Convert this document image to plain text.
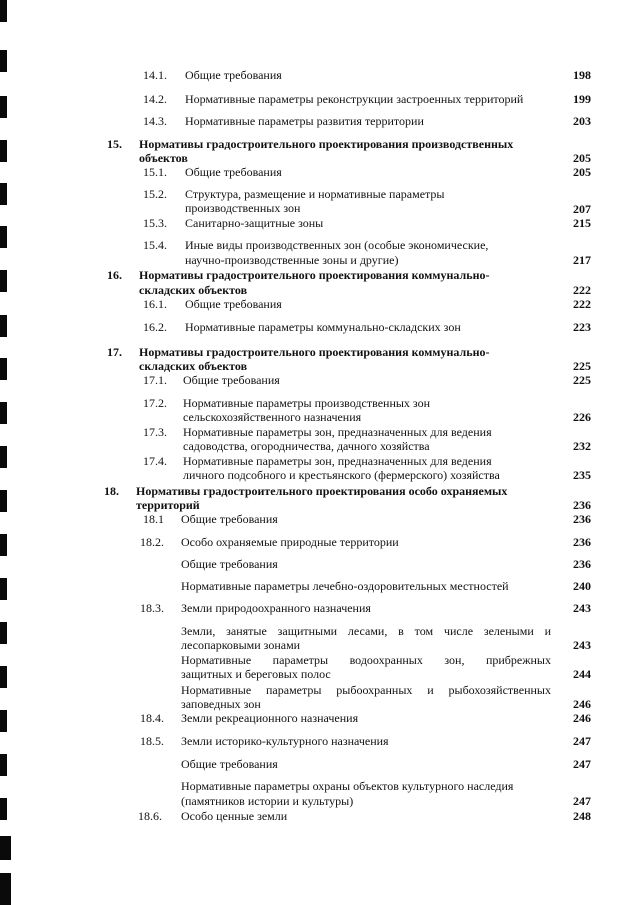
14.1. Общие требования	198
14.2. Нормативные параметры реконструкции застроенных территорий	199
14.3. Нормативные параметры развития территории	203
15. Нормативы градостроительного проектирования производственных
объектов	205
15.1. Общие требования	205
15.2. Структура, размещение и нормативные параметры
производственных зон	207
15.3. Санитарно-защитные зоны	215
15.4. Иные виды производственных зон (особые экономические,
научно-производственные зоны и другие)	217
16. Нормативы градостроительного проектирования коммунально-
складских объектов	222
16.1. Общие требования	222
16.2. Нормативные параметры коммунально-складских зон	223
17. Нормативы градостроительного проектирования коммунально-
складских объектов	225
17.1. Общие требования	225
17.2. Нормативные параметры производственных зон
сельскохозяйственного назначения	226
17.3. Нормативные параметры зон, предназначенных для ведения
садоводства, огородничества, дачного хозяйства	232
17.4. Нормативные параметры зон, предназначенных для ведения
личного подсобного и крестьянского (фермерского) хозяйства	235
18. Нормативы градостроительного проектирования особо охраняемых
территорий	236
18.1 Общие требования	236
18.2. Особо охраняемые природные территории	236
Общие требования	236
Нормативные параметры лечебно-оздоровительных местностей	240
18.3. Земли природоохранного назначения	243
Земли, занятые защитными лесами, в том числе зелеными и
лесопарковыми зонами	243
Нормативные параметры водоохранных зон, прибрежных
защитных и береговых полос	244
Нормативные параметры рыбоохранных и рыбохозяйственных
заповедных зон	246
18.4. Земли рекреационного назначения	246
18.5. Земли историко-культурного назначения	247
Общие требования	247
Нормативные параметры охраны объектов культурного наследия
(памятников истории и культуры)	247
18.6. Особо ценные земли	248
